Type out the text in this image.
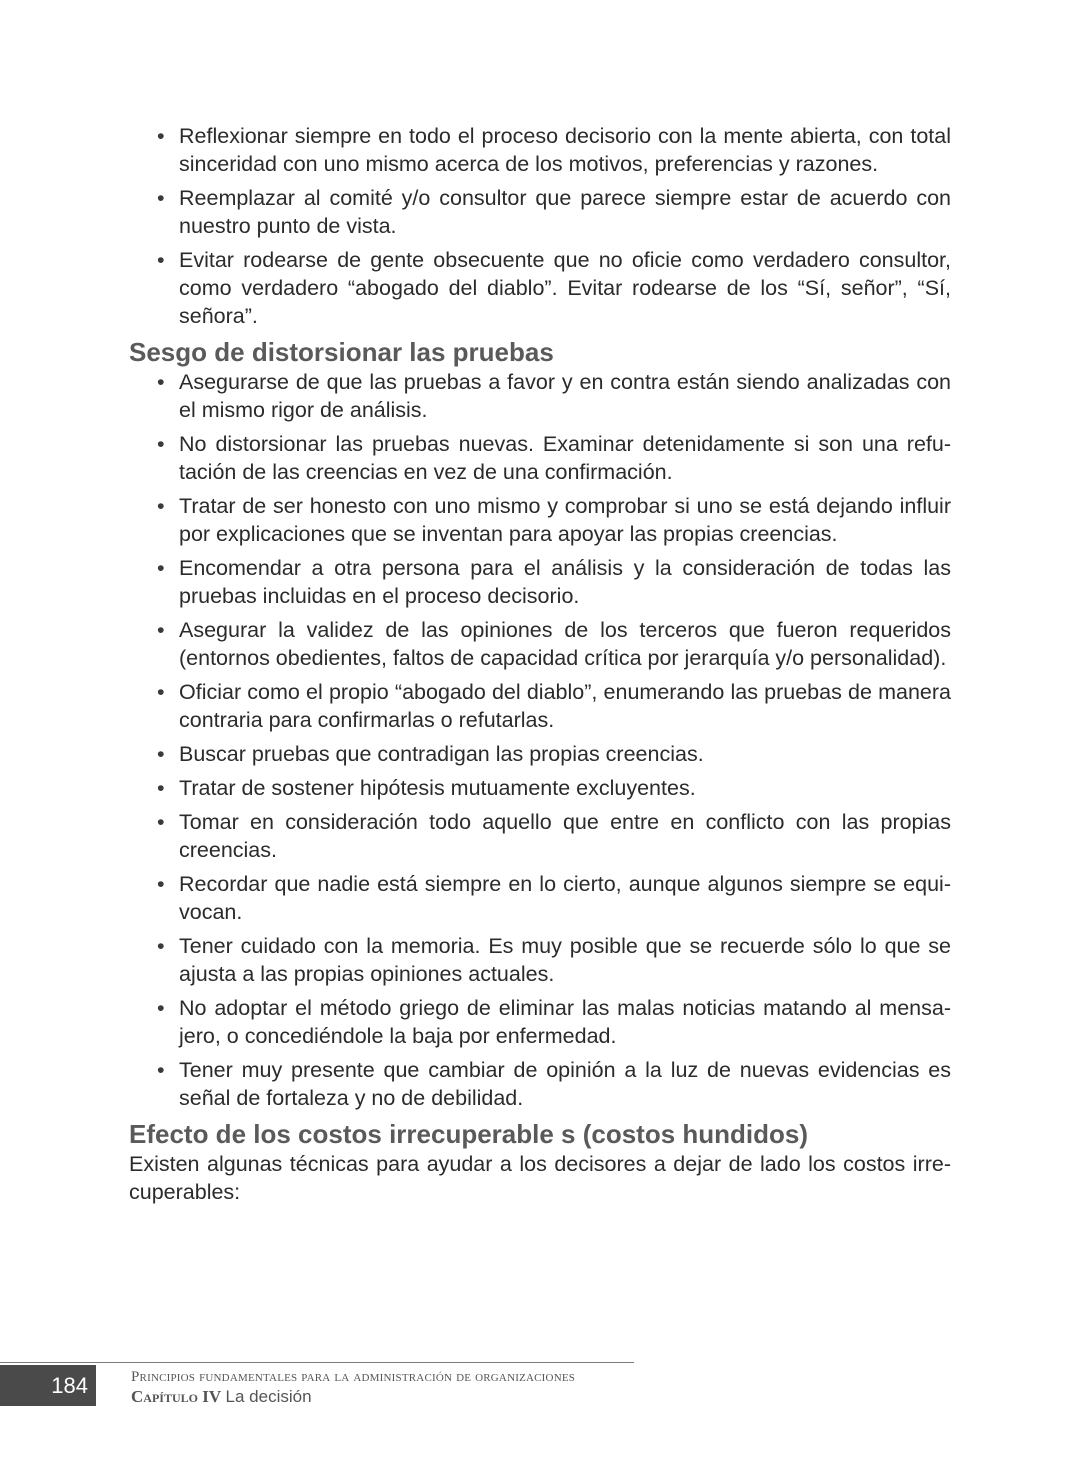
• Reflexionar siempre en todo el proceso decisorio con la mente abierta, con total sinceridad con uno mismo acerca de los motivos, preferencias y razones.
• Reemplazar al comité y/o consultor que parece siempre estar de acuerdo con nuestro punto de vista.
• Evitar rodearse de gente obsecuente que no oficie como verdadero consultor, como verdadero “abogado del diablo”. Evitar rodearse de los “Sí, señor”, “Sí, señora”.
Sesgo de distorsionar las pruebas
• Asegurarse de que las pruebas a favor y en contra están siendo analizadas con el mismo rigor de análisis.
• No distorsionar las pruebas nuevas. Examinar detenidamente si son una refutación de las creencias en vez de una confirmación.
• Tratar de ser honesto con uno mismo y comprobar si uno se está dejando influir por explicaciones que se inventan para apoyar las propias creencias.
• Encomendar a otra persona para el análisis y la consideración de todas las pruebas incluidas en el proceso decisorio.
• Asegurar la validez de las opiniones de los terceros que fueron requeridos (entornos obedientes, faltos de capacidad crítica por jerarquía y/o personalidad).
• Oficiar como el propio “abogado del diablo”, enumerando las pruebas de manera contraria para confirmarlas o refutarlas.
• Buscar pruebas que contradigan las propias creencias.
• Tratar de sostener hipótesis mutuamente excluyentes.
• Tomar en consideración todo aquello que entre en conflicto con las propias creencias.
• Recordar que nadie está siempre en lo cierto, aunque algunos siempre se equivocan.
• Tener cuidado con la memoria. Es muy posible que se recuerde sólo lo que se ajusta a las propias opiniones actuales.
• No adoptar el método griego de eliminar las malas noticias matando al mensajero, o concediéndole la baja por enfermedad.
• Tener muy presente que cambiar de opinión a la luz de nuevas evidencias es señal de fortaleza y no de debilidad.
Efecto de los costos irrecuperable s (costos hundidos)

Existen algunas técnicas para ayudar a los decisores a dejar de lado los costos irrecuperables:

184	Principios fundamentales para la administración de organizaciones
Capítulo IV La decisión
